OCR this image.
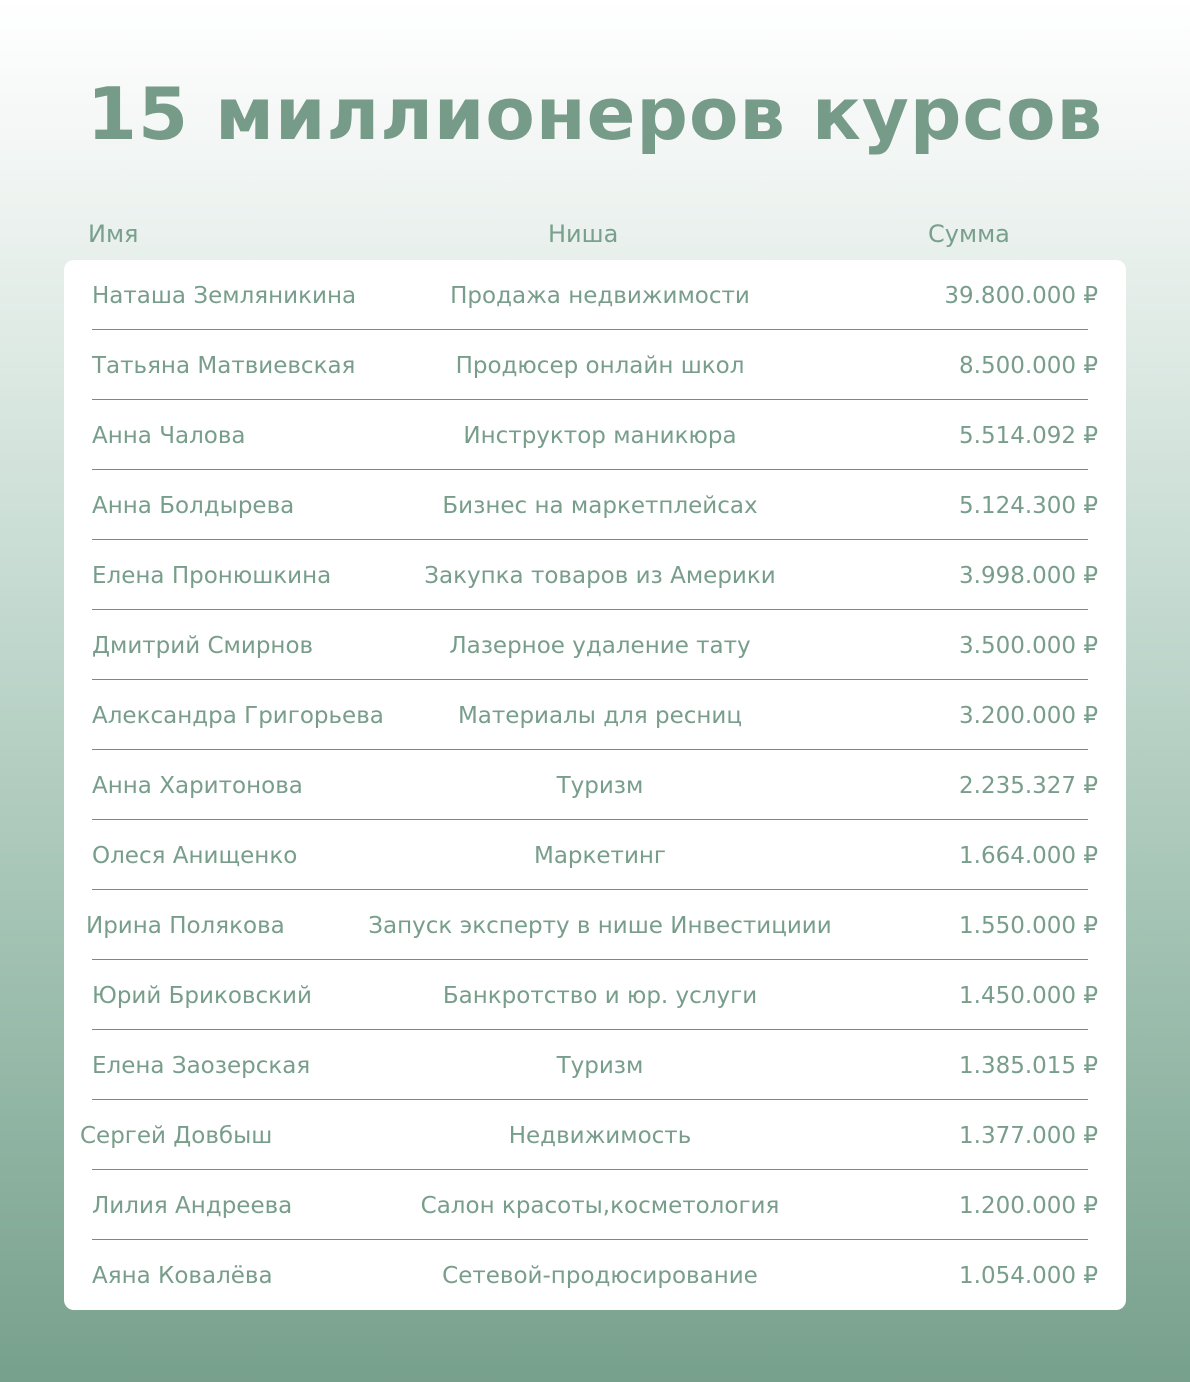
15 миллионеров курсов
Имя	Ниша	Сумма
Наташа Земляникина	Продажа недвижимости	39.800.000 ₽
Татьяна Матвиевская	Продюсер онлайн школ	8.500.000 ₽
Анна Чалова	Инструктор маникюра	5.514.092 ₽
Анна Болдырева	Бизнес на маркетплейсах	5.124.300 ₽
Елена Пронюшкина	Закупка товаров из Америки	3.998.000 ₽
Дмитрий Смирнов	Лазерное удаление тату	3.500.000 ₽
Александра Григорьева	Материалы для ресниц	3.200.000 ₽
Анна Харитонова	Туризм	2.235.327 ₽
Олеся Анищенко	Маркетинг	1.664.000 ₽
Ирина Полякова	Запуск эксперту в нише Инвестициии	1.550.000 ₽
Юрий Бриковский	Банкротство и юр. услуги	1.450.000 ₽
Елена Заозерская	Туризм	1.385.015 ₽
Сергей Довбыш	Недвижимость	1.377.000 ₽
Лилия Андреева	Салон красоты,косметология	1.200.000 ₽
Аяна Ковалёва	Сетевой-продюсирование	1.054.000 ₽
